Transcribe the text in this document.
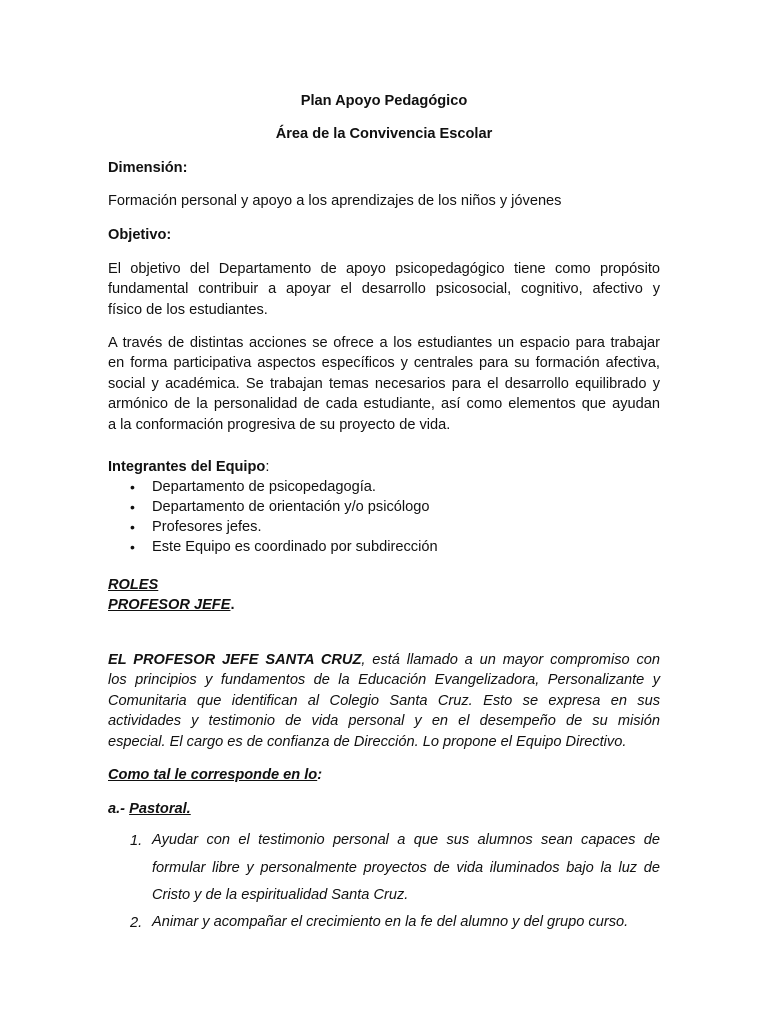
Plan Apoyo Pedagógico
Área de la Convivencia Escolar
Dimensión:
Formación personal y apoyo a los aprendizajes de los niños y jóvenes
Objetivo:
El objetivo del Departamento de apoyo psicopedagógico tiene como propósito
fundamental contribuir a apoyar el desarrollo psicosocial, cognitivo, afectivo y
físico de los estudiantes.
A través de distintas acciones se ofrece a los estudiantes un espacio para trabajar
en forma participativa aspectos específicos y centrales para su formación afectiva,
social y académica. Se trabajan temas necesarios para el desarrollo equilibrado y
armónico de la personalidad de cada estudiante, así como elementos que ayudan
a la conformación progresiva de su proyecto de vida.
Integrantes del Equipo:
•	Departamento de psicopedagogía.
•	Departamento de orientación y/o psicólogo
•	Profesores jefes.
•	Este Equipo es coordinado por subdirección
ROLES
PROFESOR JEFE.
EL PROFESOR JEFE SANTA CRUZ, está llamado a un mayor compromiso con
los principios y fundamentos de la Educación Evangelizadora, Personalizante y
Comunitaria que identifican al Colegio Santa Cruz. Esto se expresa en sus
actividades y testimonio de vida personal y en el desempeño de su misión
especial. El cargo es de confianza de Dirección. Lo propone el Equipo Directivo.
Como tal le corresponde en lo:
a.- Pastoral.
1. Ayudar con el testimonio personal a que sus alumnos sean capaces de
formular libre y personalmente proyectos de vida iluminados bajo la luz de
Cristo y de la espiritualidad Santa Cruz.
2. Animar y acompañar el crecimiento en la fe del alumno y del grupo curso.
